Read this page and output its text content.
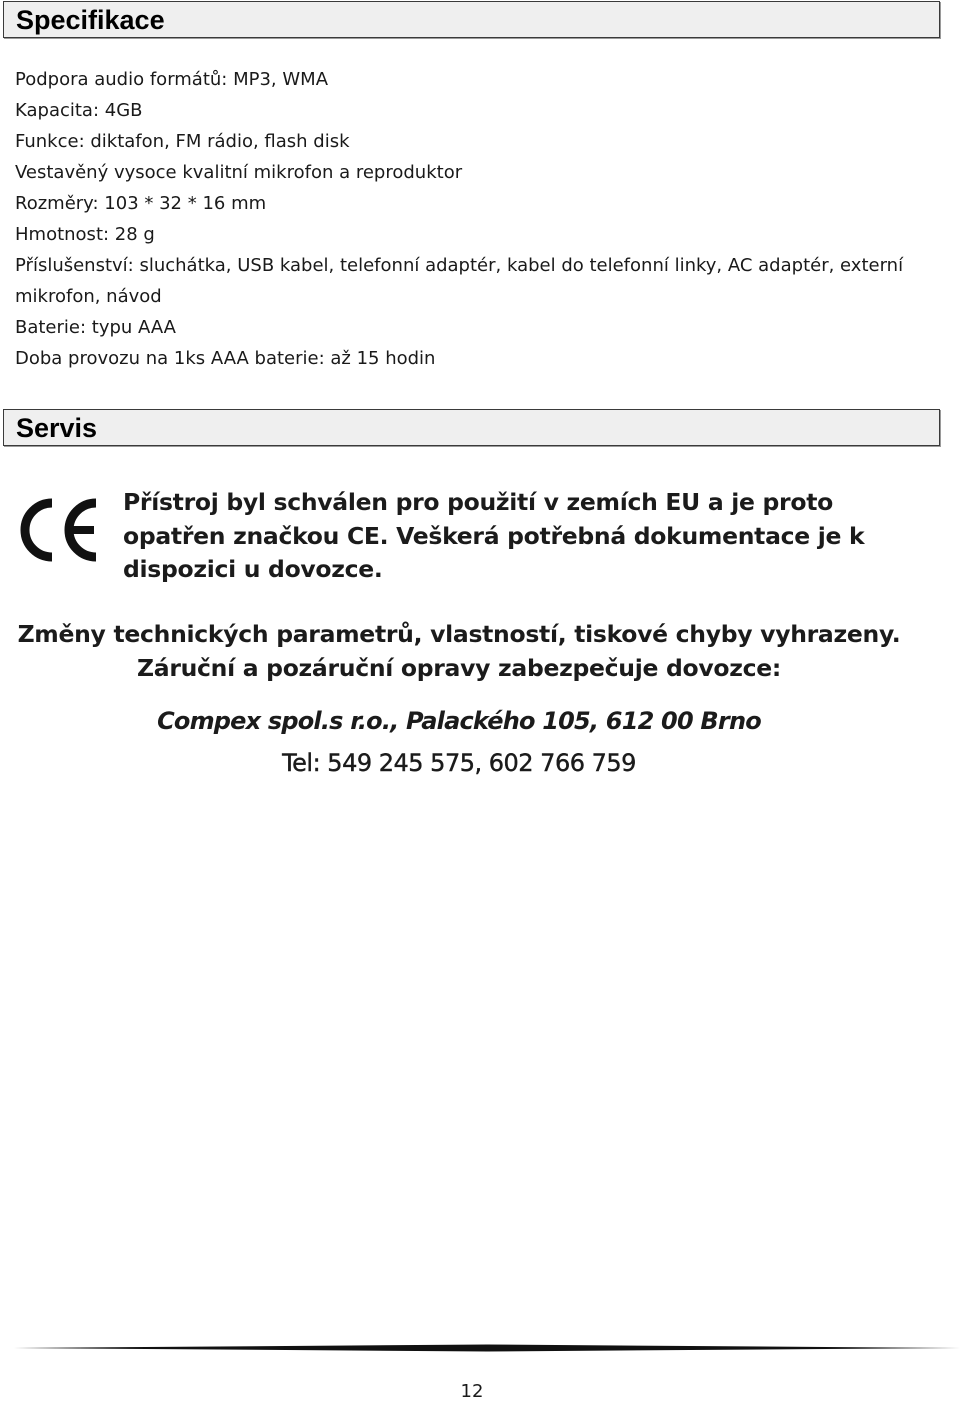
Specifikace
Podpora audio formátů: MP3, WMA
Kapacita: 4GB
Funkce: diktafon, FM rádio, flash disk
Vestavěný vysoce kvalitní mikrofon a reproduktor
Rozměry: 103 * 32 * 16 mm
Hmotnost: 28 g
Příslušenství: sluchátka, USB kabel, telefonní adaptér, kabel do telefonní linky, AC adaptér, externí mikrofon, návod
Baterie: typu AAA
Doba provozu na 1ks AAA baterie: až 15 hodin
Servis
Přístroj byl schválen pro použití v zemích EU a je proto opatřen značkou CE. Veškerá potřebná dokumentace je k dispozici u dovozce.
Změny technických parametrů, vlastností, tiskové chyby vyhrazeny.
Záruční a pozáruční opravy zabezpečuje dovozce:
Compex spol.s r.o., Palackého 105, 612 00 Brno
Tel: 549 245 575, 602 766 759
12
